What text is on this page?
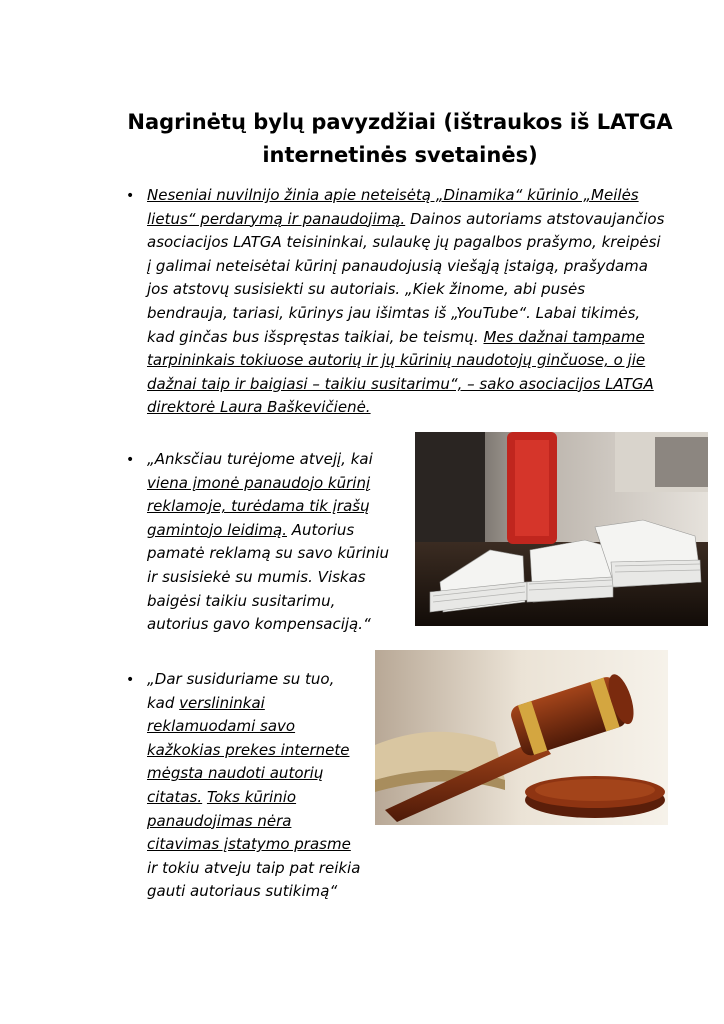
Nagrinėtų bylų pavyzdžiai (ištraukos iš LATGA
internetinės svetainės)
• Neseniai nuvilnijo žinia apie neteisėtą „Dinamika“ kūrinio „Meilės lietus“ perdarymą ir panaudojimą. Dainos autoriams atstovaujančios asociacijos LATGA teisininkai, sulaukę jų pagalbos prašymo, kreipėsi į galimai neteisėtai kūrinį panaudojusią viešąją įstaigą, prašydama jos atstovų susisiekti su autoriais. „Kiek žinome, abi pusės bendrauja, tariasi, kūrinys jau išimtas iš „YouTube“. Labai tikimės, kad ginčas bus išspręstas taikiai, be teismų. Mes dažnai tampame tarpininkais tokiuose autorių ir jų kūrinių naudotojų ginčuose, o jie dažnai taip ir baigiasi – taikiu susitarimu“, – sako asociacijos LATGA direktorė Laura Baškevičienė.
• „Anksčiau turėjome atvejį, kai viena įmonė panaudojo kūrinį reklamoje, turėdama tik įrašų gamintojo leidimą. Autorius pamatė reklamą su savo kūriniu ir susisiekė su mumis. Viskas baigėsi taikiu susitarimu, autorius gavo kompensaciją.“
• „Dar susiduriame su tuo, kad verslininkai reklamuodami savo kažkokias prekes internete mėgsta naudoti autorių citatas. Toks kūrinio panaudojimas nėra citavimas įstatymo prasme ir tokiu atveju taip pat reikia gauti autoriaus sutikimą“
